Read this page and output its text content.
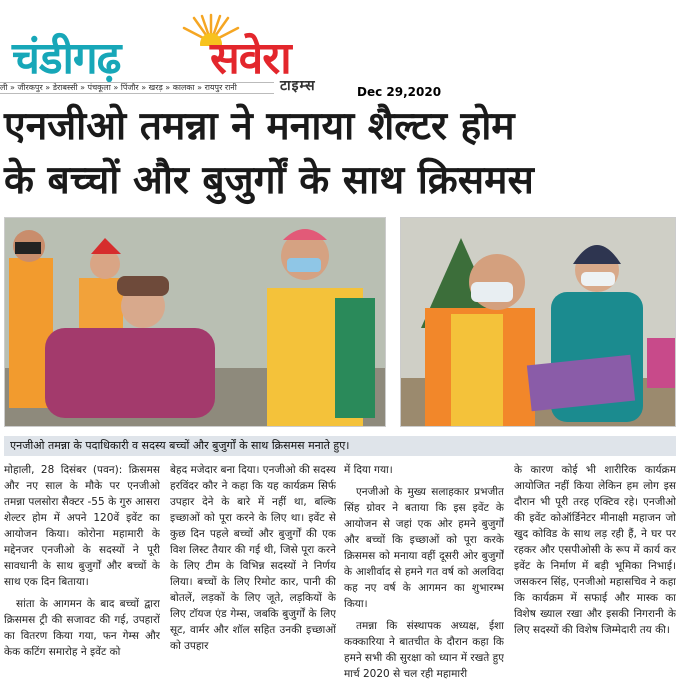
चंडीगढ़ सवेरा
ली » जीरकपुर » डेराबस्सी » पंचकूला » पिंजौर » खरड़ » कालका » रायपुर रानी	टाइम्स	Dec 29,2020
एनजीओ तमन्ना ने मनाया शैल्टर होम
के बच्चों और बुजुर्गों के साथ क्रिसमस
एनजीओ तमन्ना के पदाधिकारी व सदस्य बच्चों और बुजुर्गों के साथ क्रिसमस मनाते हुए।

मोहाली, 28 दिसंबर (पवन): क्रिसमस और नए साल के मौके पर एनजीओ तमन्ना पलसोरा सैक्टर -55 के गुरु आसरा शेल्टर होम में अपने 120वें इवेंट का आयोजन किया। कोरोना महामारी के मद्देनजर एनजीओ के सदस्यों ने पूरी सावधानी के साथ बुजुर्गों और बच्चों के साथ एक दिन बिताया।

सांता के आगमन के बाद बच्चों द्वारा क्रिसमस ट्री की सजावट की गई, उपहारों का वितरण किया गया, फन गेम्स और केक कटिंग समारोह ने इवेंट को

बेहद मजेदार बना दिया। एनजीओ की सदस्य हरविंदर कौर ने कहा कि यह कार्यक्रम सिर्फ उपहार देने के बारे में नहीं था, बल्कि इच्छाओं को पूरा करने के लिए था। इवेंट से कुछ दिन पहले बच्चों और बुजुर्गों की एक विश लिस्ट तैयार की गई थी, जिसे पूरा करने के लिए टीम के विभिन्न सदस्यों ने निर्णय लिया। बच्चों के लिए रिमोट कार, पानी की बोतलें, लड़कों के लिए जूते, लड़कियों के लिए टॉयज एंड गेम्स, जबकि बुजुर्गों के लिए सूट, वार्मर और शॉल सहित उनकी इच्छाओं को उपहार

में दिया गया।

एनजीओ के मुख्य सलाहकार प्रभजीत सिंह ग्रोवर ने बताया कि इस इवेंट के आयोजन से जहां एक ओर हमने बुजुर्गों और बच्चों कि इच्छाओं को पूरा करके क्रिसमस को मनाया वहीं दूसरी ओर बुजुर्गों के आशीर्वाद से हमने गत वर्ष को अलविदा कह नए वर्ष के आगमन का शुभारम्भ किया।

तमन्ना कि संस्थापक अध्यक्ष, ईशा कक्कारिया ने बातचीत के दौरान कहा कि हमने सभी की सुरक्षा को ध्यान में रखते हुए मार्च 2020 से चल रही महामारी

के कारण कोई भी शारीरिक कार्यक्रम आयोजित नहीं किया लेकिन हम लोग इस दौरान भी पूरी तरह एक्टिव रहे। एनजीओ की इवेंट कोऑर्डिनेटर मीनाक्षी महाजन जो खुद कोविड के साथ लड़ रही हैं, ने घर पर रहकर और एसपीओसी के रूप में कार्य कर इवेंट के निर्माण में बड़ी भूमिका निभाई। जसकरन सिंह, एनजीओ महासचिव ने कहा कि कार्यक्रम में सफाई और मास्क का विशेष ख्याल रखा और इसकी निगरानी के लिए सदस्यों की विशेष जिम्मेदारी तय की।
